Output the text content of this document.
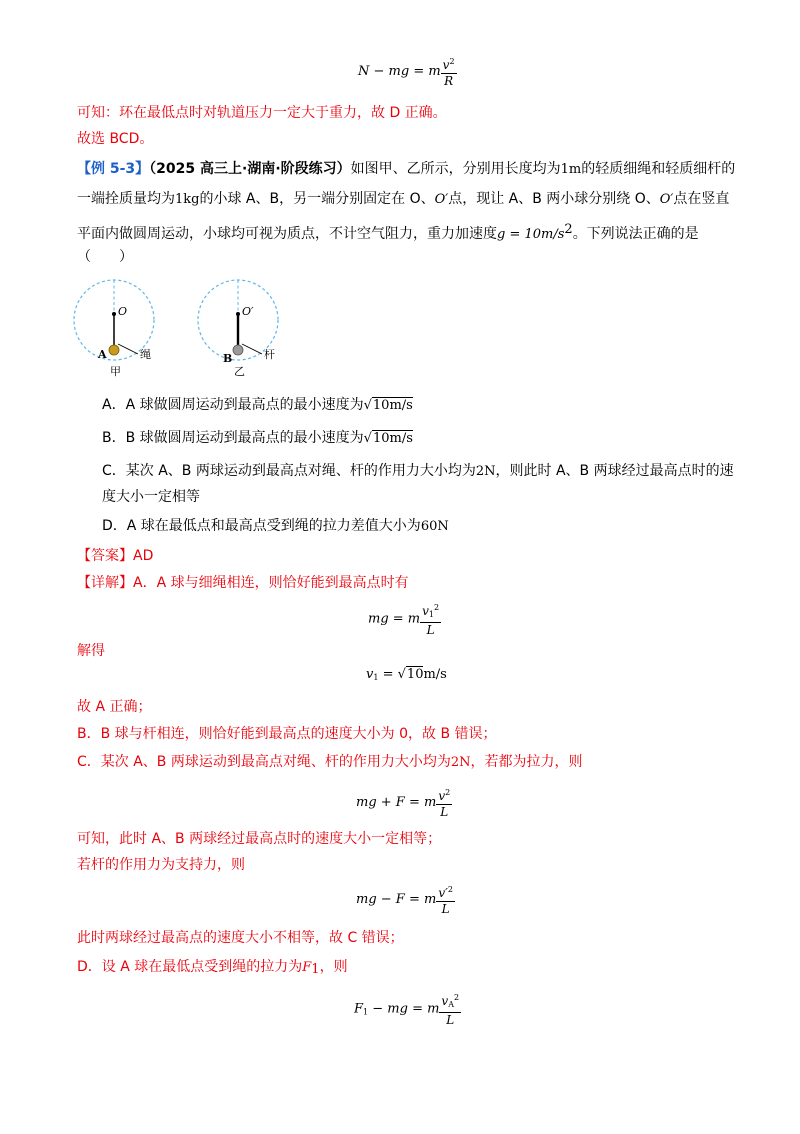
N − mg = m $\frac{v^2}{R}$
可知：环在最低点时对轨道压力一定大于重力，故 D 正确。
故选 BCD。
【例 5-3】（2025 高三上·湖南·阶段练习）如图甲、乙所示，分别用长度均为1m的轻质细绳和轻质细杆的
一端拴质量均为1kg的小球 A、B，另一端分别固定在 O、O′点，现让 A、B 两小球分别绕 O、O′点在竖直
平面内做圆周运动，小球均可视为质点，不计空气阻力，重力加速度g = 10m/s2。下列说法正确的是
（　　）
O
A	绳
甲
O′
B	杆
乙
A．A 球做圆周运动到最高点的最小速度为√10m/s
B．B 球做圆周运动到最高点的最小速度为√10m/s
C．某次 A、B 两球运动到最高点对绳、杆的作用力大小均为2N，则此时 A、B 两球经过最高点时的速
度大小一定相等
D．A 球在最低点和最高点受到绳的拉力差值大小为60N
【答案】AD
【详解】A．A 球与细绳相连，则恰好能到最高点时有
mg = m $\frac{v_1^2}{L}$
解得
$v_1 = √10m/s$
故 A 正确；
B．B 球与杆相连，则恰好能到最高点的速度大小为 0，故 B 错误；
C．某次 A、B 两球运动到最高点对绳、杆的作用力大小均为2N，若都为拉力，则
mg + F = m $\frac{v^2}{L}$
可知，此时 A、B 两球经过最高点时的速度大小一定相等；
若杆的作用力为支持力，则
mg − F = m $\frac{v'^2}{L}$
此时两球经过最高点的速度大小不相等，故 C 错误；
D．设 A 球在最低点受到绳的拉力为F1，则
$F_1$ − mg = m $\frac{v_A^2}{L}$
